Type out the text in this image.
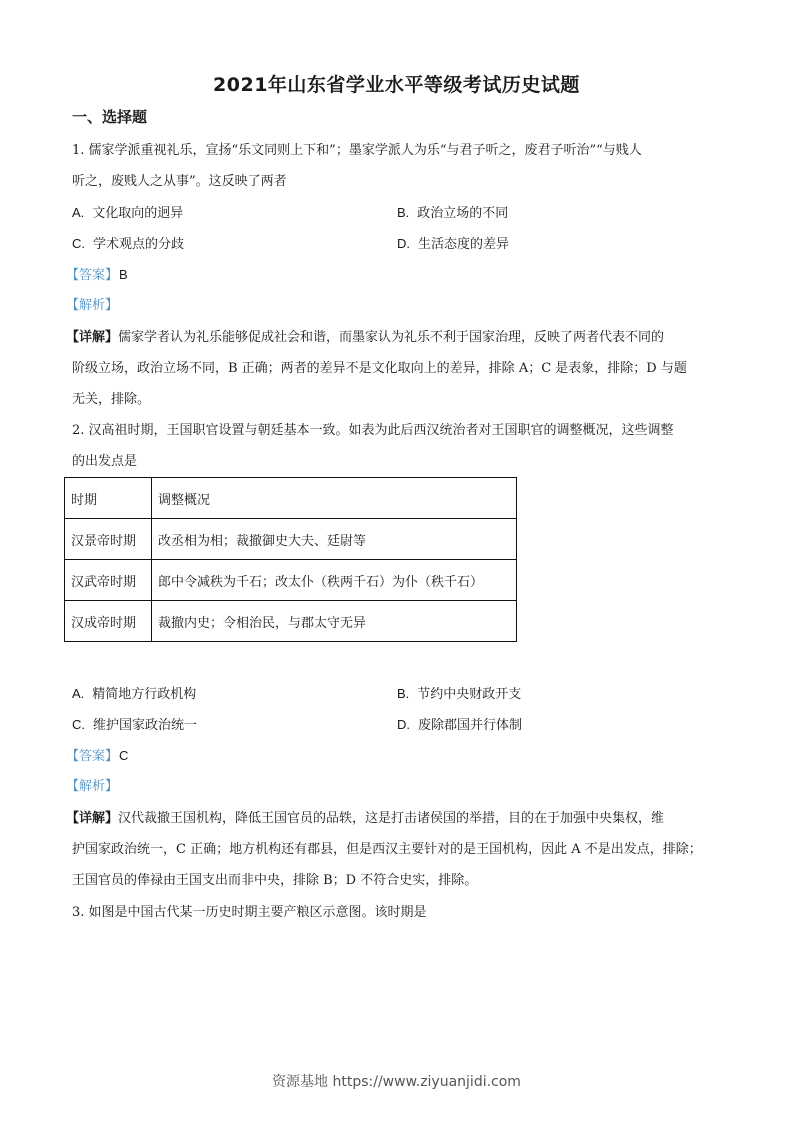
2021年山东省学业水平等级考试历史试题
一、选择题
1. 儒家学派重视礼乐，宣扬“乐文同则上下和”；墨家学派人为乐“与君子听之，废君子听治”“与贱人
听之，废贱人之从事”。这反映了两者
A. 文化取向的迥异	B. 政治立场的不同
C. 学术观点的分歧	D. 生活态度的差异
【答案】B
【解析】
【详解】儒家学者认为礼乐能够促成社会和谐，而墨家认为礼乐不利于国家治理，反映了两者代表不同的
阶级立场，政治立场不同，B 正确；两者的差异不是文化取向上的差异，排除 A；C 是表象，排除；D 与题
无关，排除。
2. 汉高祖时期，王国职官设置与朝廷基本一致。如表为此后西汉统治者对王国职官的调整概况，这些调整
的出发点是
时期	调整概况
汉景帝时期	改丞相为相；裁撤御史大夫、廷尉等
汉武帝时期	郎中令减秩为千石；改太仆（秩两千石）为仆（秩千石）
汉成帝时期	裁撤内史；令相治民，与郡太守无异
A. 精简地方行政机构	B. 节约中央财政开支
C. 维护国家政治统一	D. 废除郡国并行体制
【答案】C
【解析】
【详解】汉代裁撤王国机构，降低王国官员的品轶，这是打击诸侯国的举措，目的在于加强中央集权，维
护国家政治统一，C 正确；地方机构还有郡县，但是西汉主要针对的是王国机构，因此 A 不是出发点，排除；
王国官员的俸禄由王国支出而非中央，排除 B；D 不符合史实，排除。
3. 如图是中国古代某一历史时期主要产粮区示意图。该时期是
资源基地 https://www.ziyuanjidi.com
